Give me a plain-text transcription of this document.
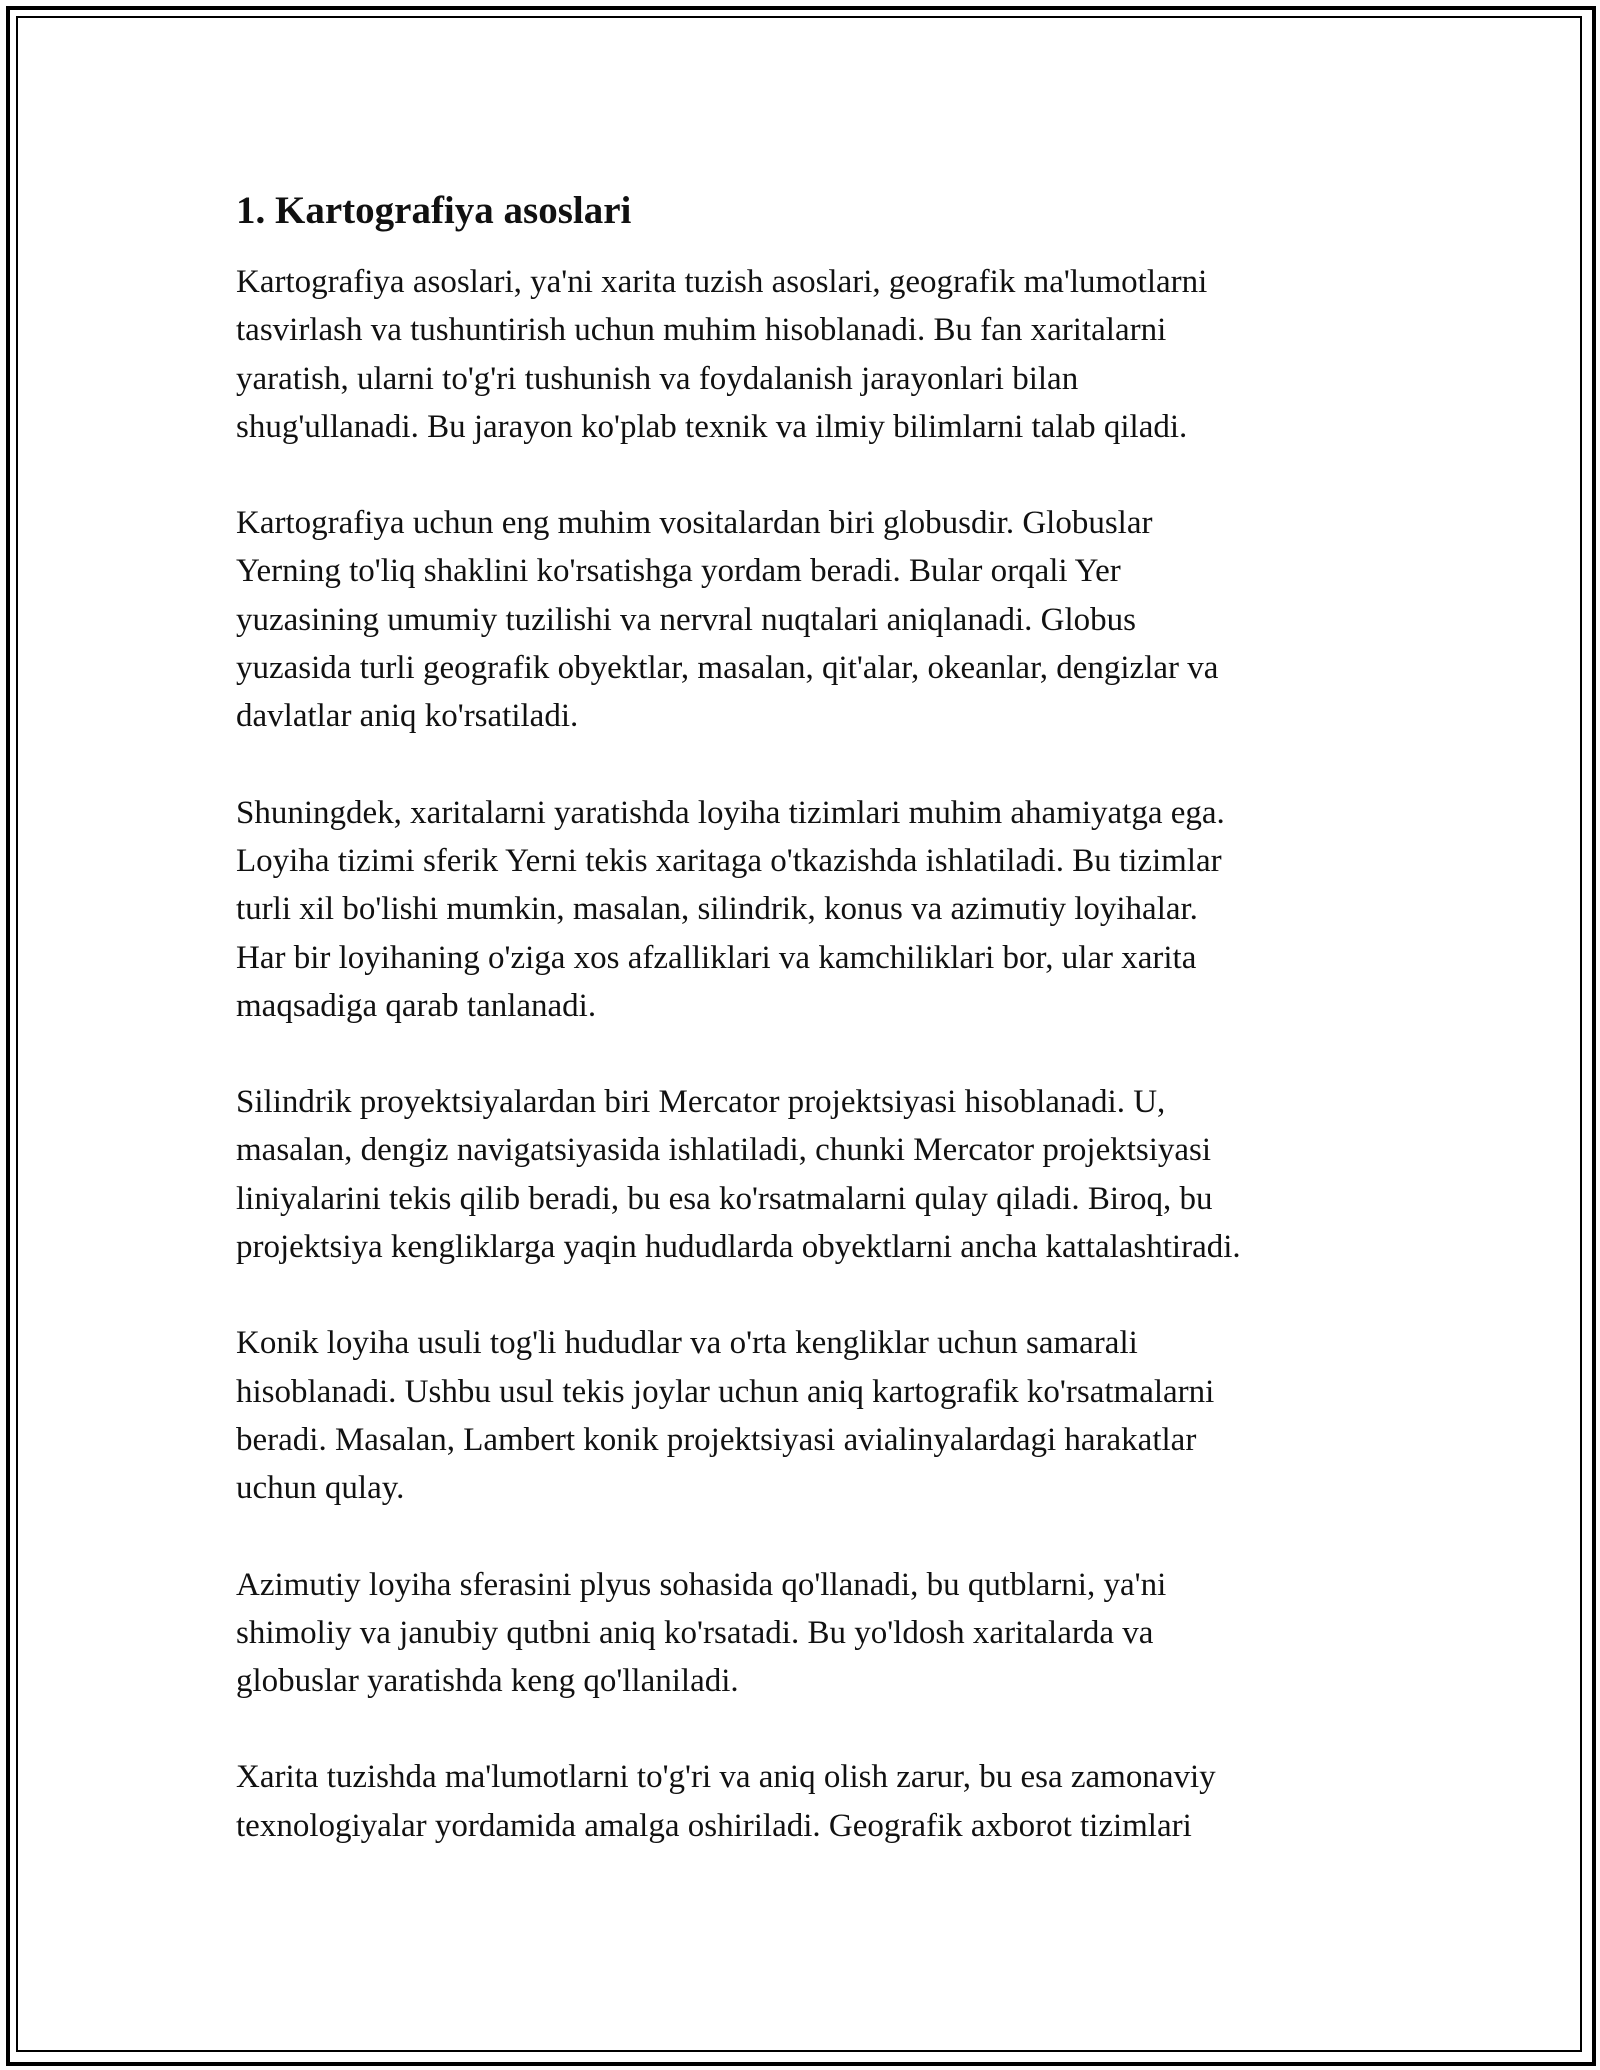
1. Kartografiya asoslari

Kartografiya asoslari, ya'ni xarita tuzish asoslari, geografik ma'lumotlarni
tasvirlash va tushuntirish uchun muhim hisoblanadi. Bu fan xaritalarni
yaratish, ularni to'g'ri tushunish va foydalanish jarayonlari bilan
shug'ullanadi. Bu jarayon ko'plab texnik va ilmiy bilimlarni talab qiladi.

Kartografiya uchun eng muhim vositalardan biri globusdir. Globuslar
Yerning to'liq shaklini ko'rsatishga yordam beradi. Bular orqali Yer
yuzasining umumiy tuzilishi va nervral nuqtalari aniqlanadi. Globus
yuzasida turli geografik obyektlar, masalan, qit'alar, okeanlar, dengizlar va
davlatlar aniq ko'rsatiladi.

Shuningdek, xaritalarni yaratishda loyiha tizimlari muhim ahamiyatga ega.
Loyiha tizimi sferik Yerni tekis xaritaga o'tkazishda ishlatiladi. Bu tizimlar
turli xil bo'lishi mumkin, masalan, silindrik, konus va azimutiy loyihalar.
Har bir loyihaning o'ziga xos afzalliklari va kamchiliklari bor, ular xarita
maqsadiga qarab tanlanadi.

Silindrik proyektsiyalardan biri Mercator projektsiyasi hisoblanadi. U,
masalan, dengiz navigatsiyasida ishlatiladi, chunki Mercator projektsiyasi
liniyalarini tekis qilib beradi, bu esa ko'rsatmalarni qulay qiladi. Biroq, bu
projektsiya kengliklarga yaqin hududlarda obyektlarni ancha kattalashtiradi.

Konik loyiha usuli tog'li hududlar va o'rta kengliklar uchun samarali
hisoblanadi. Ushbu usul tekis joylar uchun aniq kartografik ko'rsatmalarni
beradi. Masalan, Lambert konik projektsiyasi avialinyalardagi harakatlar
uchun qulay.

Azimutiy loyiha sferasini plyus sohasida qo'llanadi, bu qutblarni, ya'ni
shimoliy va janubiy qutbni aniq ko'rsatadi. Bu yo'ldosh xaritalarda va
globuslar yaratishda keng qo'llaniladi.

Xarita tuzishda ma'lumotlarni to'g'ri va aniq olish zarur, bu esa zamonaviy
texnologiyalar yordamida amalga oshiriladi. Geografik axborot tizimlari
